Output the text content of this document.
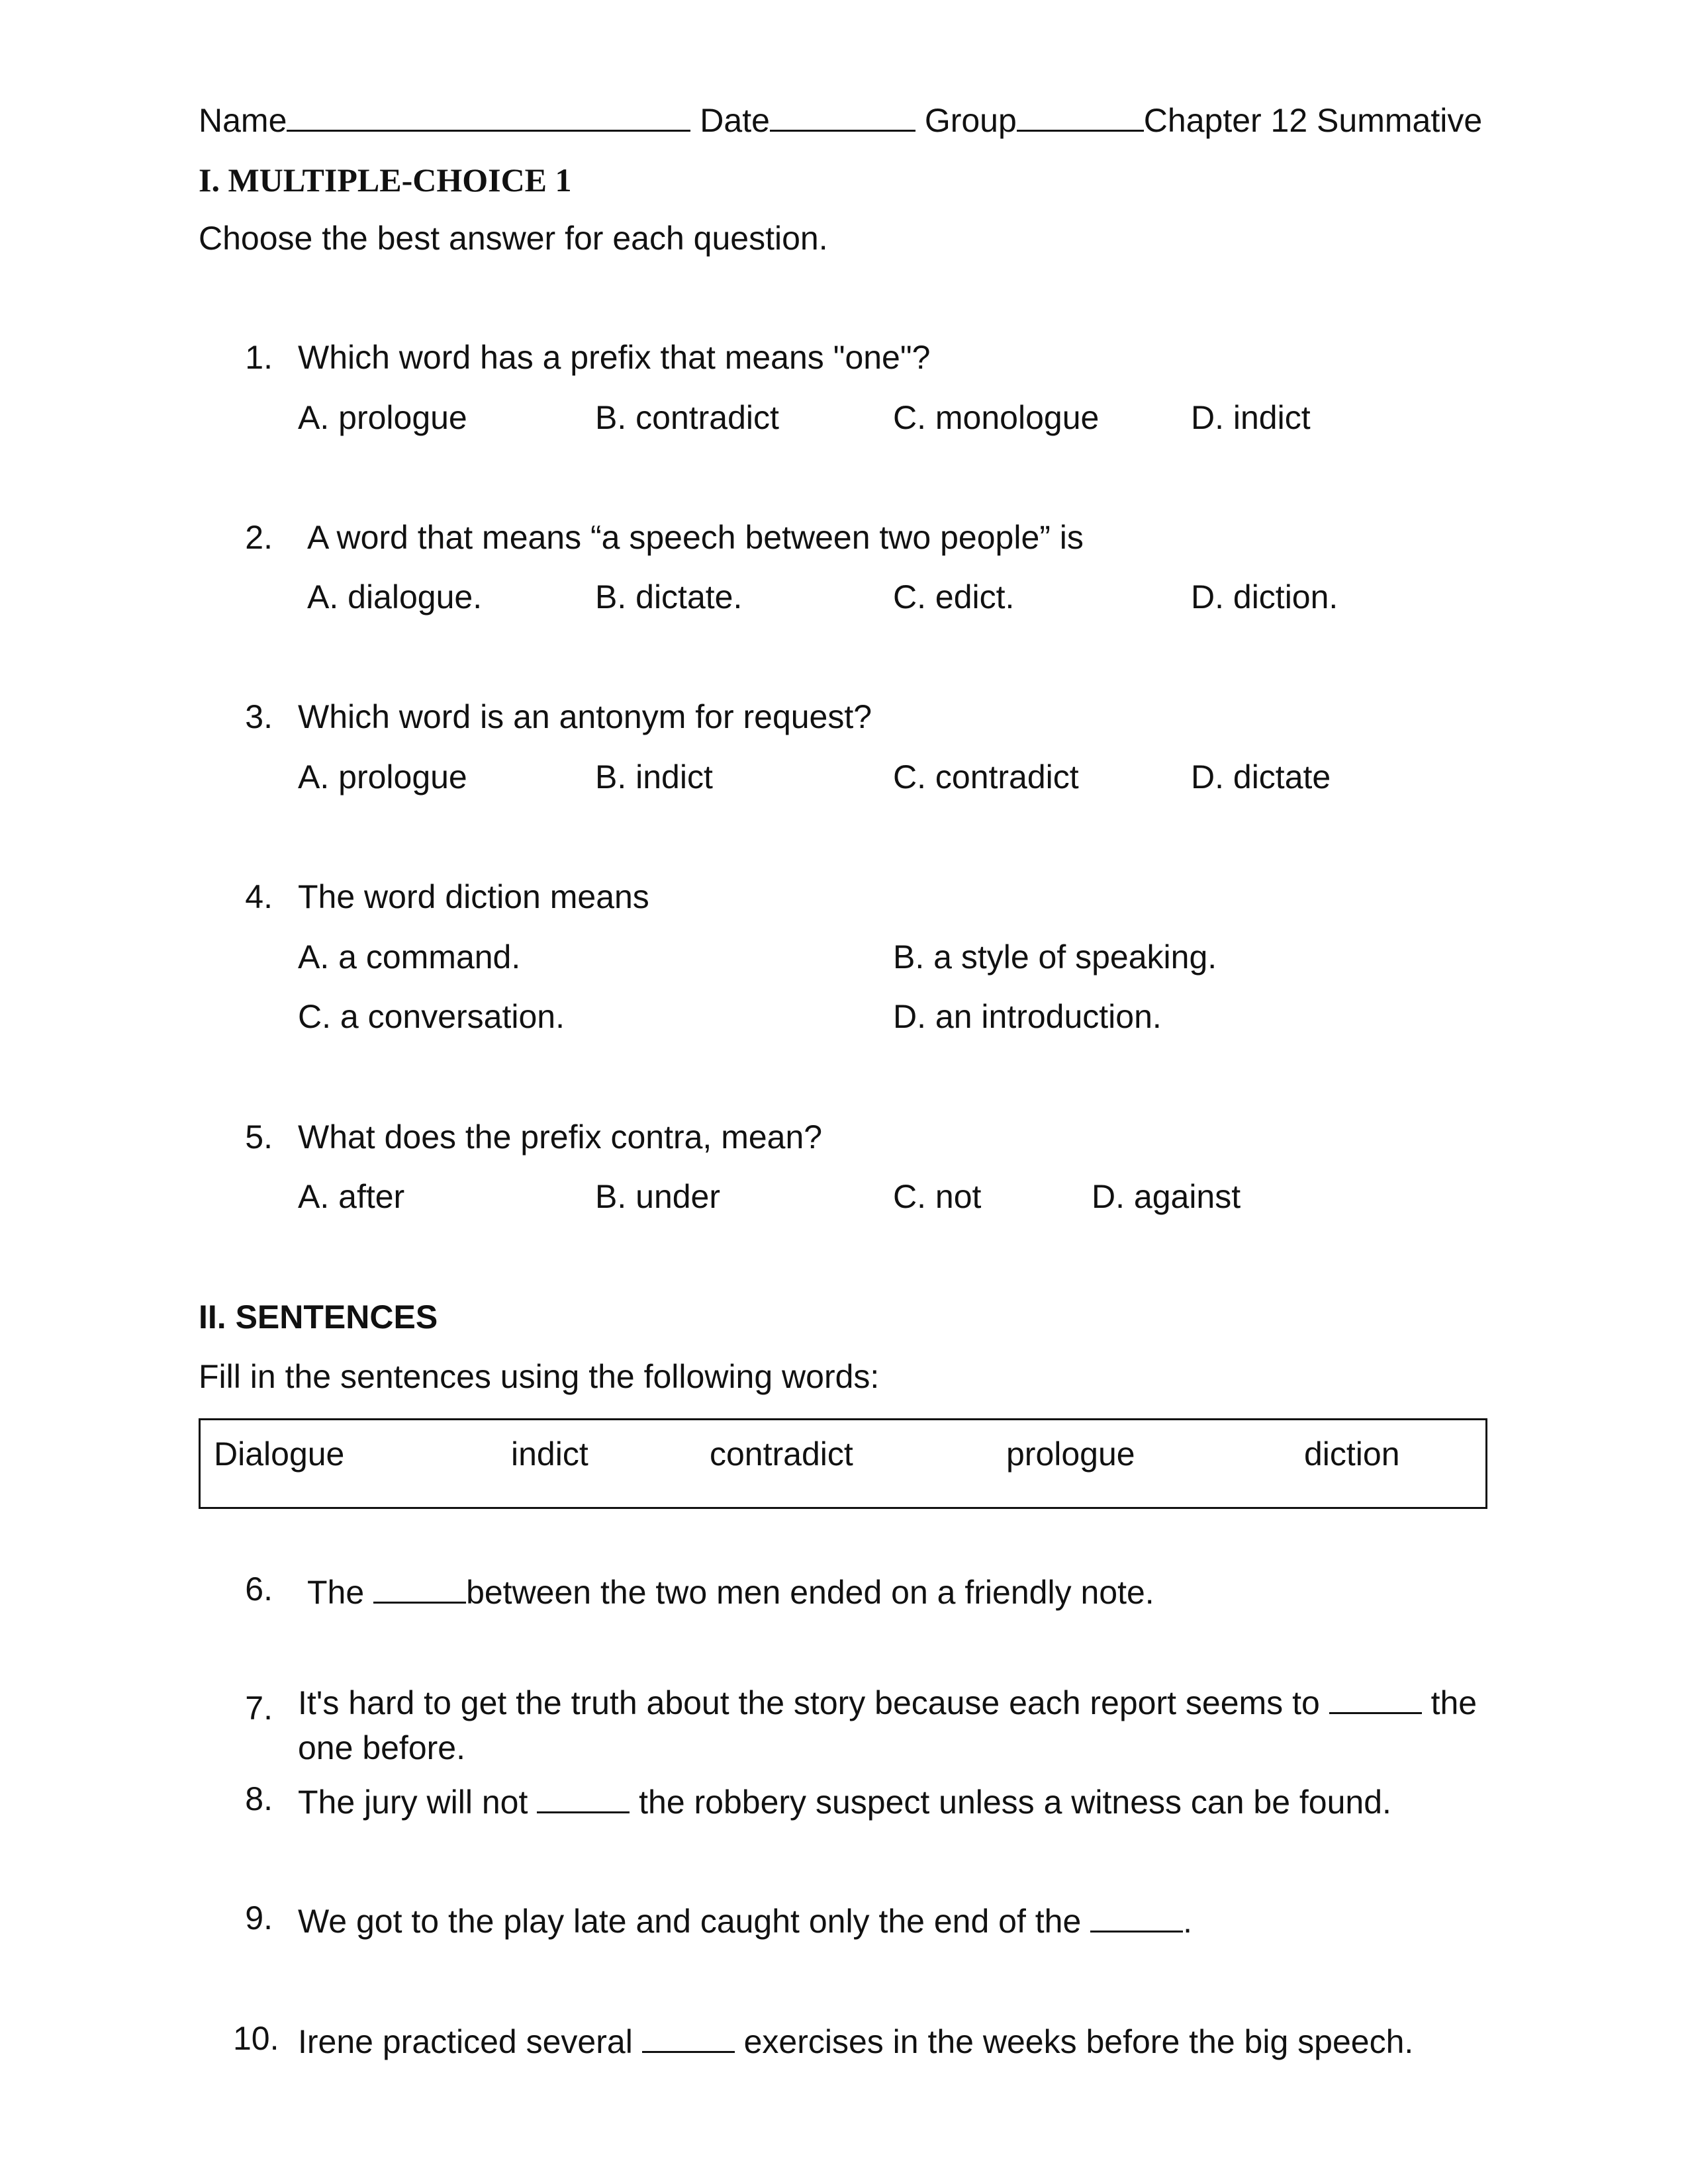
Name	Date	Group	Chapter 12 Summative
I. MULTIPLE-CHOICE 1
Choose the best answer for each question.
1. Which word has a prefix that means "one"?
A. prologue	B. contradict	C. monologue	D. indict
2. A word that means “a speech between two people” is
A. dialogue.	B. dictate.	C. edict.	D. diction.
3. Which word is an antonym for request?
A. prologue	B. indict	C. contradict	D. dictate
4. The word diction means
A. a command.	B. a style of speaking.
C. a conversation.	D. an introduction.
5. What does the prefix contra, mean?
A. after	B. under	C. not	D. against
II. SENTENCES
Fill in the sentences using the following words:
Dialogue	indict	contradict	prologue	diction
6. The	between the two men ended on a friendly note.
7. It's hard to get the truth about the story because each report seems to	the one before.
8. The jury will not	the robbery suspect unless a witness can be found.
9. We got to the play late and caught only the end of the	.
10. Irene practiced several	exercises in the weeks before the big speech.
